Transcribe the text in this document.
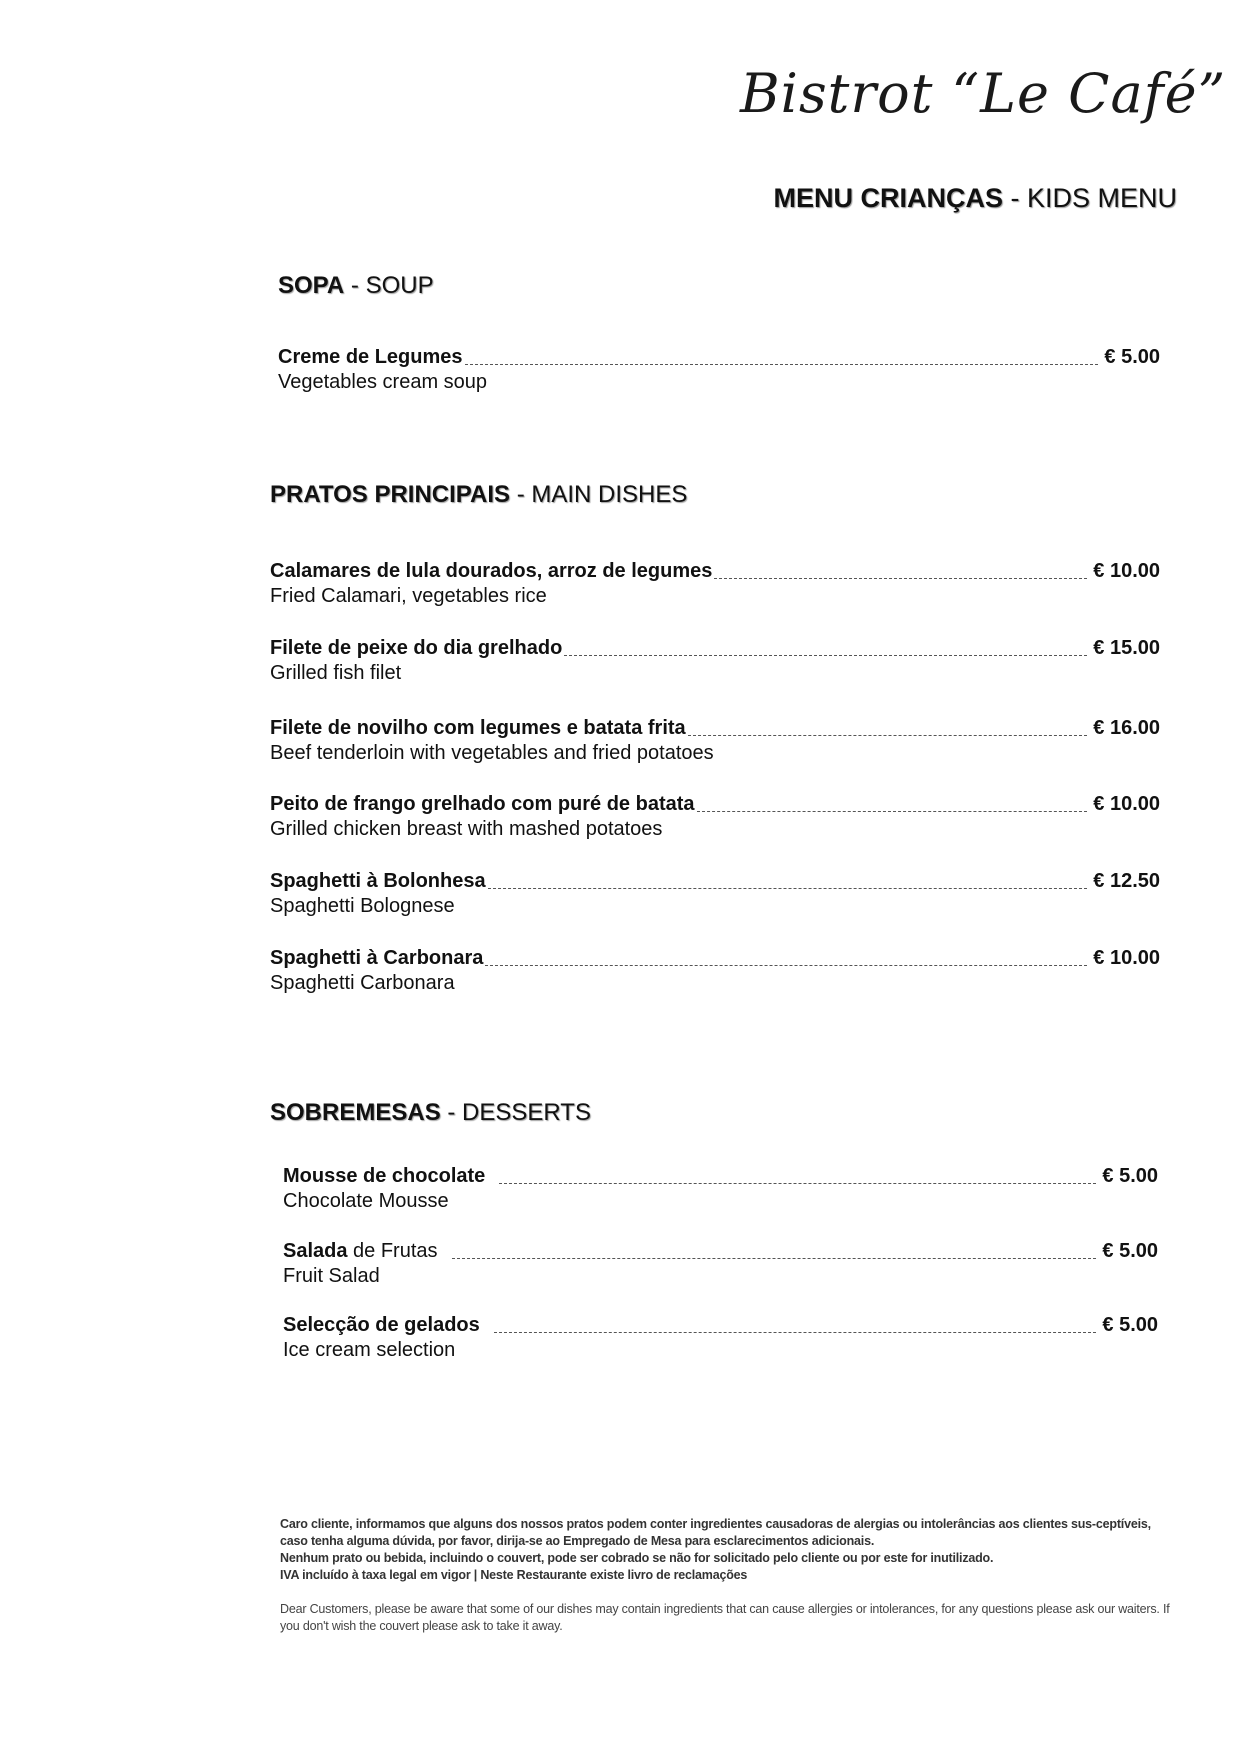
Bistrot “Le Café”
MENU CRIANÇAS - KIDS MENU
SOPA - SOUP
Creme de Legumes	€ 5.00
Vegetables cream soup
PRATOS PRINCIPAIS - MAIN DISHES
Calamares de lula dourados, arroz de legumes	€ 10.00
Fried Calamari, vegetables rice
Filete de peixe do dia grelhado	€ 15.00
Grilled fish filet
Filete de novilho com legumes e batata frita	€ 16.00
Beef tenderloin with vegetables and fried potatoes
Peito de frango grelhado com puré de batata	€ 10.00
Grilled chicken breast with mashed potatoes
Spaghetti à Bolonhesa	€ 12.50
Spaghetti Bolognese
Spaghetti à Carbonara	€ 10.00
Spaghetti Carbonara
SOBREMESAS - DESSERTS
Mousse de chocolate	€ 5.00
Chocolate Mousse
Salada de Frutas	€ 5.00
Fruit Salad
Selecção de gelados	€ 5.00
Ice cream selection

Caro cliente, informamos que alguns dos nossos pratos podem conter ingredientes causadoras de alergias ou intolerâncias aos clientes sus-ceptíveis,

caso tenha alguma dúvida, por favor, dirija-se ao Empregado de Mesa para esclarecimentos adicionais.

Nenhum prato ou bebida, incluindo o couvert, pode ser cobrado se não for solicitado pelo cliente ou por este for inutilizado.

IVA incluído à taxa legal em vigor | Neste Restaurante existe livro de reclamações

Dear Customers, please be aware that some of our dishes may contain ingredients that can cause allergies or intolerances, for any questions please ask our waiters. If you don't wish the couvert please ask to take it away.
